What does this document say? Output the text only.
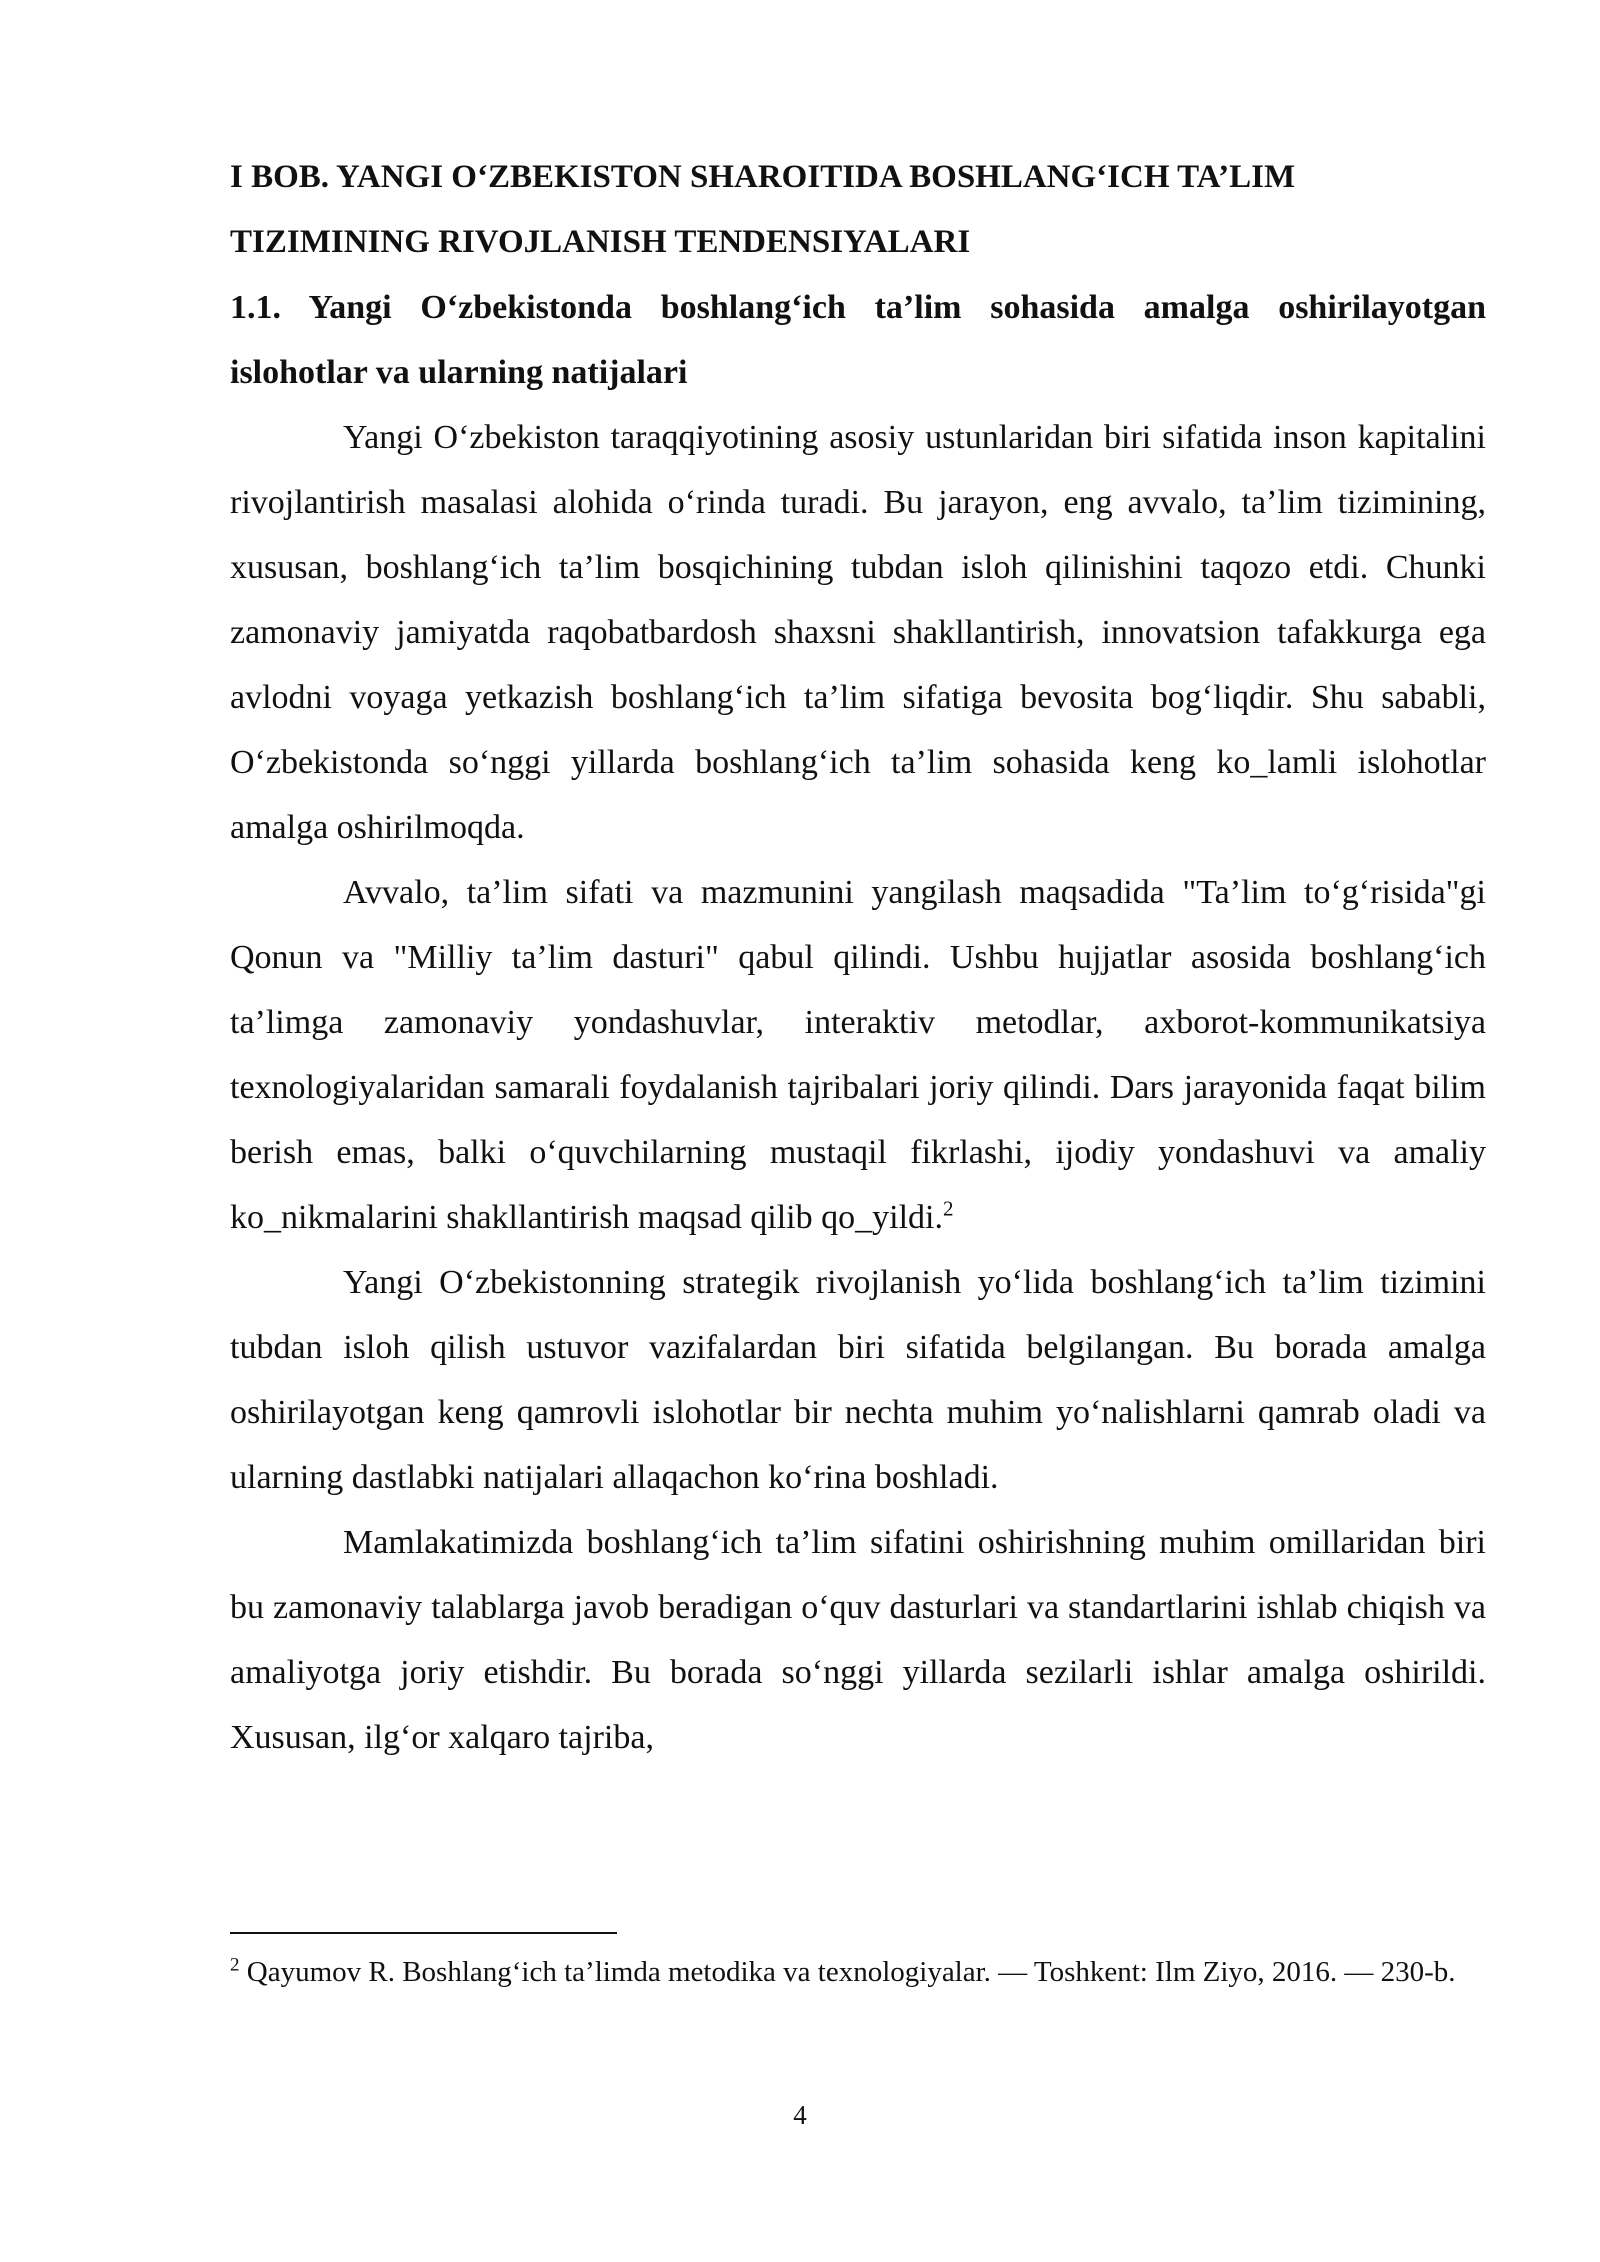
I BOB. YANGI O‘ZBEKISTON SHAROITIDA BOSHLANG‘ICH TA’LIM TIZIMINING RIVOJLANISH TENDENSIYALARI

1.1. Yangi O‘zbekistonda boshlang‘ich ta’lim sohasida amalga oshirilayotgan islohotlar va ularning natijalari

Yangi O‘zbekiston taraqqiyotining asosiy ustunlaridan biri sifatida inson kapitalini rivojlantirish masalasi alohida o‘rinda turadi. Bu jarayon, eng avvalo, ta’lim tizimining, xususan, boshlang‘ich ta’lim bosqichining tubdan isloh qilinishini taqozo etdi. Chunki zamonaviy jamiyatda raqobatbardosh shaxsni shakllantirish, innovatsion tafakkurga ega avlodni voyaga yetkazish boshlang‘ich ta’lim sifatiga bevosita bog‘liqdir. Shu sababli, O‘zbekistonda so‘nggi yillarda boshlang‘ich ta’lim sohasida keng ko_lamli islohotlar amalga oshirilmoqda.

Avvalo, ta’lim sifati va mazmunini yangilash maqsadida "Ta’lim to‘g‘risida"gi Qonun va "Milliy ta’lim dasturi" qabul qilindi. Ushbu hujjatlar asosida boshlang‘ich ta’limga zamonaviy yondashuvlar, interaktiv metodlar, axborot-kommunikatsiya texnologiyalaridan samarali foydalanish tajribalari joriy qilindi. Dars jarayonida faqat bilim berish emas, balki o‘quvchilarning mustaqil fikrlashi, ijodiy yondashuvi va amaliy ko_nikmalarini shakllantirish maqsad qilib qo_yildi.$^2$

Yangi O‘zbekistonning strategik rivojlanish yo‘lida boshlang‘ich ta’lim tizimini tubdan isloh qilish ustuvor vazifalardan biri sifatida belgilangan. Bu borada amalga oshirilayotgan keng qamrovli islohotlar bir nechta muhim yo‘nalishlarni qamrab oladi va ularning dastlabki natijalari allaqachon ko‘rina boshladi.

Mamlakatimizda boshlang‘ich ta’lim sifatini oshirishning muhim omillaridan biri bu zamonaviy talablarga javob beradigan o‘quv dasturlari va standartlarini ishlab chiqish va amaliyotga joriy etishdir. Bu borada so‘nggi yillarda sezilarli ishlar amalga oshirildi. Xususan, ilg‘or xalqaro tajriba,

$^2$ Qayumov R. Boshlang‘ich ta’limda metodika va texnologiyalar. — Toshkent: Ilm Ziyo, 2016. — 230-b.
4
